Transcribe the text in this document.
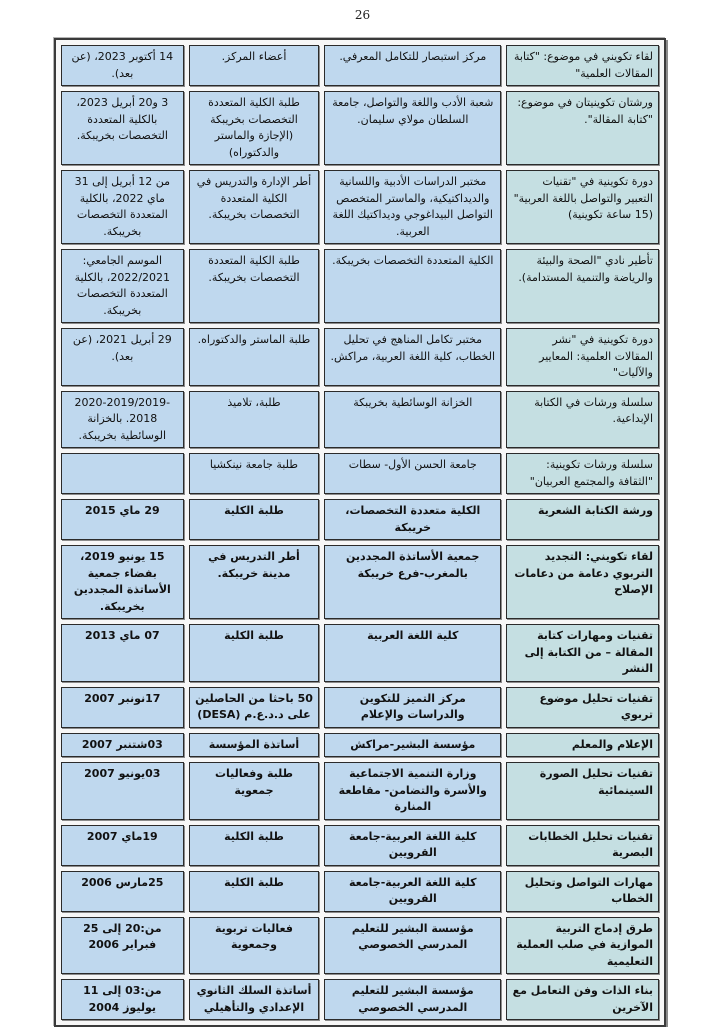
26
لقاء تكويني في موضوع: "كتابة المقالات العلمية"	مركز استبصار للتكامل المعرفي.	أعضاء المركز.	14 أكتوبر 2023، (عن بعد).
ورشتان تكوينيتان في موضوع: "كتابة المقالة".	شعبة الأدب واللغة والتواصل، جامعة السلطان مولاي سليمان.	طلبة الكلية المتعددة التخصصات بخريبكة (الإجازة والماستر والدكتوراه)	3 و20 أبريل 2023، بالكلية المتعددة التخصصات بخريبكة.
دورة تكوينية في "تقنيات التعبير والتواصل باللغة العربية" (15 ساعة تكوينية)	مختبر الدراسات الأدبية واللسانية والديداكتيكية، والماستر المتخصص التواصل البيداغوجي وديداكتيك اللغة العربية.	أطر الإدارة والتدريس في الكلية المتعددة التخصصات بخريبكة.	من 12 أبريل إلى 31 ماي 2022، بالكلية المتعددة التخصصات بخريبكة.
تأطير نادي "الصحة والبيئة والرياضة والتنمية المستدامة).	الكلية المتعددة التخصصات بخريبكة.	طلبة الكلية المتعددة التخصصات بخريبكة.	الموسم الجامعي: 2022/2021، بالكلية المتعددة التخصصات بخريبكة.
دورة تكوينية في "نشر المقالات العلمية: المعايير والآليات"	مختبر تكامل المناهج في تحليل الخطاب، كلية اللغة العربية، مراكش.	طلبة الماستر والدكتوراه.	29 أبريل 2021، (عن بعد).
سلسلة ورشات في الكتابة الإبداعية.	الخزانة الوسائطية بخريبكة	طلبة، تلاميذ	2020-2019/2019-2018. بالخزانة الوسائطية بخريبكة.
سلسلة ورشات تكوينية: "الثقافة والمجتمع العربيان"	جامعة الحسن الأول- سطات	طلبة جامعة نينكشيا	
ورشة الكتابة الشعرية	الكلية متعددة التخصصات، خريبكة	طلبة الكلية	29 ماي 2015
لقاء تكويني: التجديد التربوي دعامة من دعامات الإصلاح	جمعية الأساتذة المجددين بالمغرب-فرع خريبكة	أطر التدريس في مدينة خريبكة.	15 يونيو 2019، بفضاء جمعية الأساتذة المجددين بخريبكة.
تقنيات ومهارات كتابة المقالة – من الكتابة إلى النشر	كلية اللغة العربية	طلبة الكلية	07 ماي 2013
تقنيات تحليل موضوع تربوي	مركز التميز للتكوين والدراسات والإعلام	50 باحثا من الحاصلين على د.د.ع.م (DESA)	17نونبر 2007
الإعلام والمعلم	مؤسسة البشير-مراكش	أساتذة المؤسسة	03شتنبر 2007
تقنيات تحليل الصورة السينمائية	وزارة التنمية الاجتماعية والأسرة والتضامن- مقاطعة المنارة	طلبة وفعاليات جمعوية	03يونيو 2007
تقنيات تحليل الخطابات البصرية	كلية اللغة العربية-جامعة القرويين	طلبة الكلية	19ماي 2007
مهارات التواصل وتحليل الخطاب	كلية اللغة العربية-جامعة القرويين	طلبة الكلية	25مارس 2006
طرق إدماج التربية الموازية في صلب العملية التعليمية	مؤسسة البشير للتعليم المدرسي الخصوصي	فعاليات تربوية وجمعوية	من:20 إلى 25 فبراير 2006
بناء الذات وفن التعامل مع الآخرين	مؤسسة البشير للتعليم المدرسي الخصوصي	أساتذة السلك الثانوي الإعدادي والتأهيلي	من:03 إلى 11 يوليوز 2004
